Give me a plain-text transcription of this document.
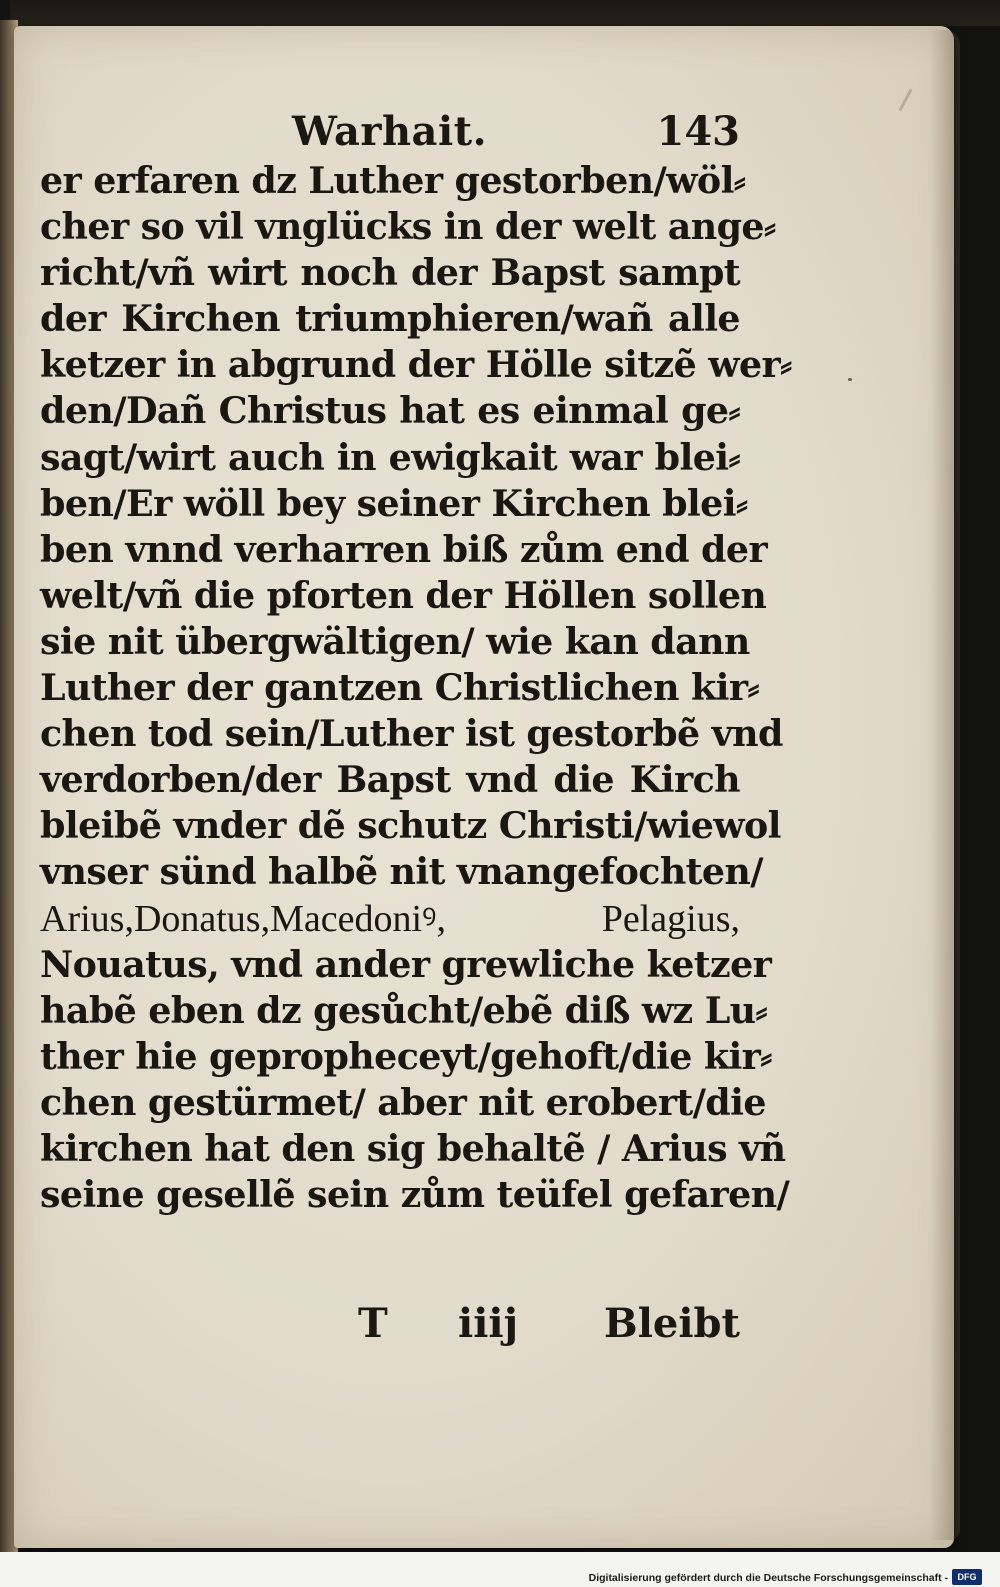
Warhait.	143
er erfaren dz Luther gestorben/wöl⸗
cher so vil vnglücks in der welt ange⸗
richt/vñ wirt noch der Bapst sampt
der Kirchen triumphieren/wañ alle
ketzer in abgrund der Hölle sitzẽ wer⸗
den/Dañ Christus hat es einmal ge⸗
sagt/wirt auch in ewigkait war blei⸗
ben/Er wöll bey seiner Kirchen blei⸗
ben vnnd verharren biß zům end der
welt/vñ die pforten der Höllen sollen
sie nit übergwältigen/ wie kan dann
Luther der gantzen Christlichen kir⸗
chen tod sein/Luther ist gestorbẽ vnd
verdorben/der Bapst vnd die Kirch
bleibẽ vnder dẽ schutz Christi/wiewol
vnser sünd halbẽ nit vnangefochten/
Arius,Donatus,Macedoniꝰ, Pelagius,
Nouatus, vnd ander grewliche ketzer
habẽ eben dz gesůcht/ebẽ diß wz Lu⸗
ther hie geprophecеyt/gehoft/die kir⸗
chen gestürmet/ aber nit erobert/die
kirchen hat den sig behaltẽ / Arius vñ
seine gesellẽ sein zům teüfel gefaren/
T iiij Bleibt
Digitalisierung gefördert durch die Deutsche Forschungsgemeinschaft -	DFG
